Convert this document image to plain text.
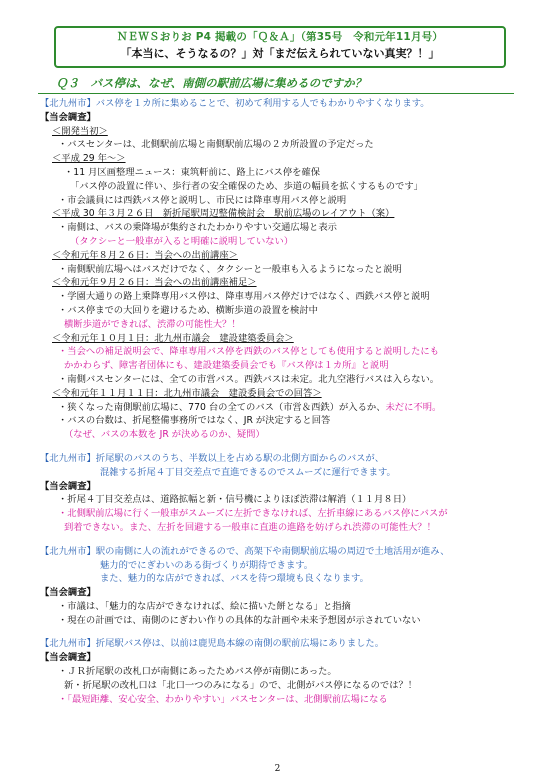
ＮＥＷＳおりお P4 掲載の「Ｑ＆Ａ」（第35号　令和元年11月号）
「本当に、そうなるの？」対「まだ伝えられていない真実？！」
Ｑ３　バス停は、なぜ、南側の駅前広場に集めるのですか？
【北九州市】バス停を１カ所に集めることで、初めて利用する人でもわかりやすくなります。
【当会調査】
＜開発当初＞
・バスセンターは、北側駅前広場と南側駅前広場の２カ所設置の予定だった
＜平成 29 年～＞
・11 月区画整理ニュース：東筑軒前に、路上にバス停を確保
「バス停の設置に伴い、歩行者の安全確保のため、歩道の幅員を拡くするものです」
・市会議員には西鉄バス停と説明し、市民には降車専用バス停と説明
＜平成 30 年３月２６日　新折尾駅周辺整備検討会　駅前広場のレイアウト（案）
・南側は、バスの乗降場が集約されたわかりやすい交通広場と表示
（タクシーと一般車が入ると明確に説明していない）
＜令和元年８月２６日：当会への出前講座＞
・南側駅前広場へはバスだけでなく、タクシーと一般車も入るようになったと説明
＜令和元年９月２６日：当会への出前講座補足＞
・学園大通りの路上乗降専用バス停は、降車専用バス停だけではなく、西鉄バス停と説明
・バス停までの大回りを避けるため、横断歩道の設置を検討中
横断歩道ができれば、渋滞の可能性大？！
＜令和元年１０月１日：北九州市議会　建設建築委員会＞
・当会への補足説明会で、降車専用バス停を西鉄のバス停としても使用すると説明したにも
かかわらず、障害者団体にも、建設建築委員会でも『バス停は１カ所』と説明
・南側バスセンターには、全ての市営バス。西鉄バスは未定。北九空港行バスは入らない。
＜令和元年１１月１１日：北九州市議会　建設委員会での回答＞
・狭くなった南側駅前広場に、770 台の全てのバス（市営＆西鉄）が入るか、未だに不明。
・バスの台数は、折尾整備事務所ではなく、JR が決定すると回答
（なぜ、バスの本数を JR が決めるのか、疑問）
【北九州市】折尾駅のバスのうち、半数以上を占める駅の北側方面からのバスが、
混雑する折尾４丁目交差点で直進できるのでスムーズに運行できます。
【当会調査】
・折尾４丁目交差点は、道路拡幅と新・信号機によりほぼ渋滞は解消（１１月８日）
・北側駅前広場に行く一般車がスムーズに左折できなければ、左折車線にあるバス停にバスが
到着できない。また、左折を回避する一般車に直進の進路を妨げられ渋滞の可能性大？！
【北九州市】駅の南側に人の流れができるので、高架下や南側駅前広場の周辺で土地活用が進み、
魅力的でにぎわいのある街づくりが期待できます。
また、魅力的な店ができれば、バスを待つ環境も良くなります。
【当会調査】
・市議は、「魅力的な店ができなければ、絵に描いた餅となる」と指摘
・現在の計画では、南側のにぎわい作りの具体的な計画や未来予想図が示されていない
【北九州市】折尾駅バス停は、以前は鹿児島本線の南側の駅前広場にありました。
【当会調査】
・ＪＲ折尾駅の改札口が南側にあったためバス停が南側にあった。
新・折尾駅の改札口は「北口一つのみになる」ので、北側がバス停になるのでは？！
・「最短距離、安心安全、わかりやすい」バスセンターは、北側駅前広場になる
2
